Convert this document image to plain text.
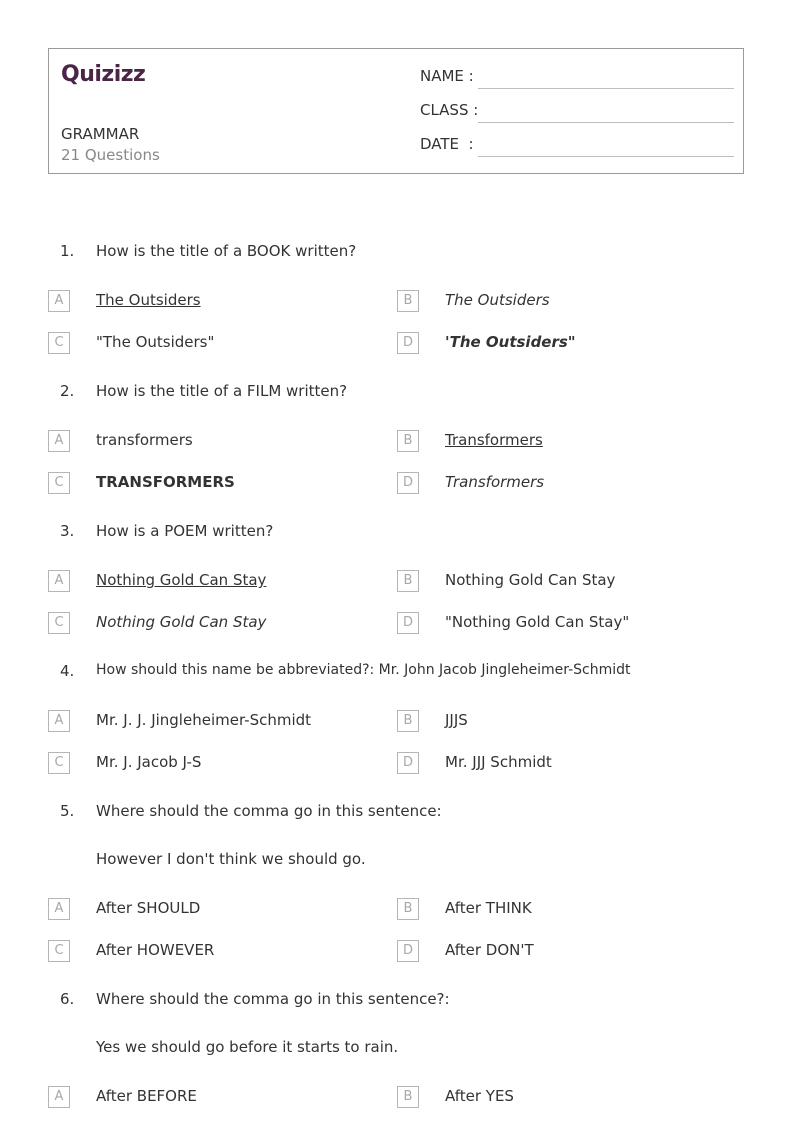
Quizizz
GRAMMAR
21 Questions
NAME :
CLASS :
DATE  :
1. How is the title of a BOOK written?
A	The Outsiders	B	The Outsiders
C	"The Outsiders"	D	'The Outsiders"
2. How is the title of a FILM written?
A	transformers	B	Transformers
C	TRANSFORMERS	D	Transformers
3. How is a POEM written?
A	Nothing Gold Can Stay	B	Nothing Gold Can Stay
C	Nothing Gold Can Stay	D	"Nothing Gold Can Stay"
4. How should this name be abbreviated?: Mr. John Jacob Jingleheimer-Schmidt
A	Mr. J. J. Jingleheimer-Schmidt	B	JJJS
C	Mr. J. Jacob J-S	D	Mr. JJJ Schmidt
5. Where should the comma go in this sentence:
However I don't think we should go.
A	After SHOULD	B	After THINK
C	After HOWEVER	D	After DON'T
6. Where should the comma go in this sentence?:
Yes we should go before it starts to rain.
A	After BEFORE	B	After YES
